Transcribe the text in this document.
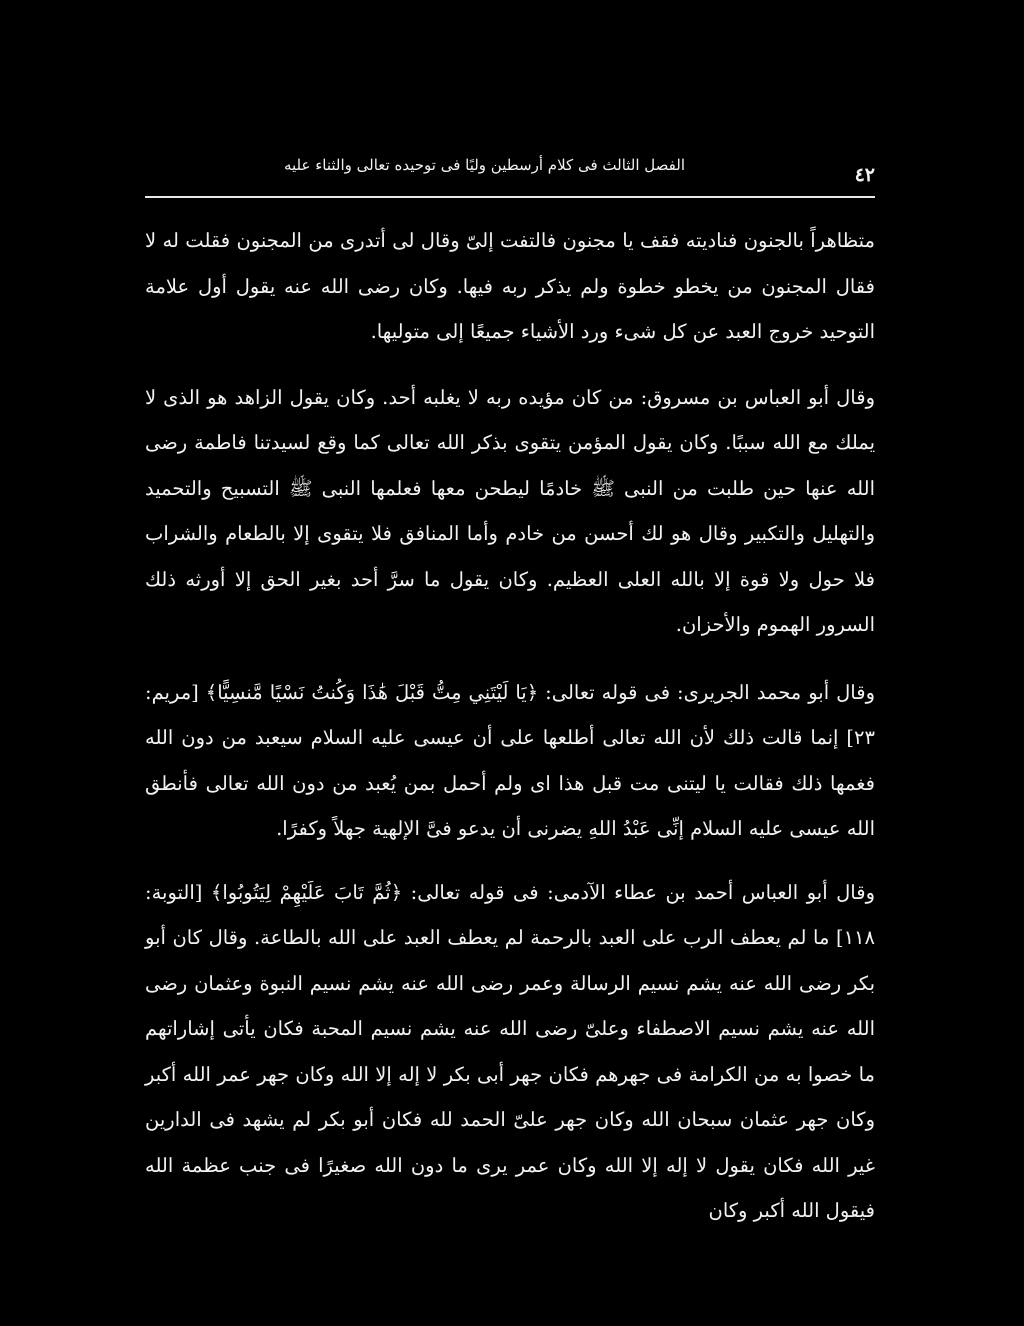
٤٢
الفصل الثالث فى كلام أرسطين وليًا فى توحيده تعالى والثناء عليه

متظاهراً بالجنون فناديته فقف يا مجنون فالتفت إلىّ وقال لى أتدرى من المجنون فقلت له لا فقال المجنون من يخطو خطوة ولم يذكر ربه فيها. وكان رضى الله عنه يقول أول علامة التوحيد خروج العبد عن كل شىء ورد الأشياء جميعًا إلى متوليها.

وقال أبو العباس بن مسروق: من كان مؤيده ربه لا يغلبه أحد. وكان يقول الزاهد هو الذى لا يملك مع الله سببًا. وكان يقول المؤمن يتقوى بذكر الله تعالى كما وقع لسيدتنا فاطمة رضى الله عنها حين طلبت من النبى ﷺ خادمًا ليطحن معها فعلمها النبى ﷺ التسبيح والتحميد والتهليل والتكبير وقال هو لك أحسن من خادم وأما المنافق فلا يتقوى إلا بالطعام والشراب فلا حول ولا قوة إلا بالله العلى العظيم. وكان يقول ما سرَّ أحد بغير الحق إلا أورثه ذلك السرور الهموم والأحزان.

وقال أبو محمد الجريرى: فى قوله تعالى: ﴿يَا لَيْتَنِي مِتُّ قَبْلَ هَٰذَا وَكُنتُ نَسْيًا مَّنسِيًّا﴾ [مريم: ٢٣] إنما قالت ذلك لأن الله تعالى أطلعها على أن عيسى عليه السلام سيعبد من دون الله فغمها ذلك فقالت يا ليتنى مت قبل هذا اى ولم أحمل بمن يُعبد من دون الله تعالى فأنطق الله عيسى عليه السلام إنِّى عَبْدُ اللهِ يضرنى أن يدعو فىَّ الإلهية جهلاً وكفرًا.

وقال أبو العباس أحمد بن عطاء الآدمى: فى قوله تعالى: ﴿ثُمَّ تَابَ عَلَيْهِمْ لِيَتُوبُوا﴾ [التوبة: ١١٨] ما لم يعطف الرب على العبد بالرحمة لم يعطف العبد على الله بالطاعة. وقال كان أبو بكر رضى الله عنه يشم نسيم الرسالة وعمر رضى الله عنه يشم نسيم النبوة وعثمان رضى الله عنه يشم نسيم الاصطفاء وعلىّ رضى الله عنه يشم نسيم المحبة فكان يأتى إشاراتهم ما خصوا به من الكرامة فى جهرهم فكان جهر أبى بكر لا إله إلا الله وكان جهر عمر الله أكبر وكان جهر عثمان سبحان الله وكان جهر علىّ الحمد لله فكان أبو بكر لم يشهد فى الدارين غير الله فكان يقول لا إله إلا الله وكان عمر يرى ما دون الله صغيرًا فى جنب عظمة الله فيقول الله أكبر وكان
